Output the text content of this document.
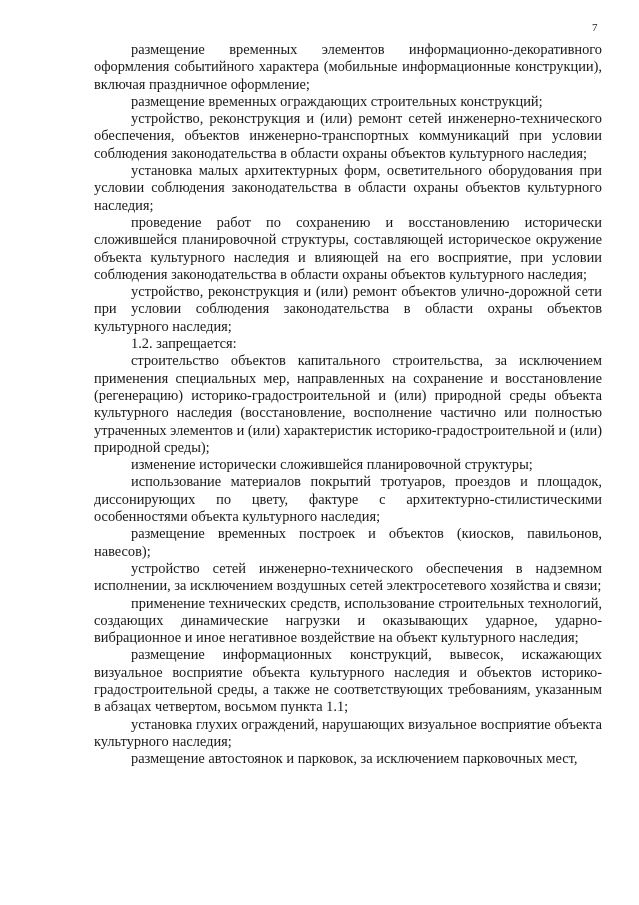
7

размещение временных элементов информационно-декоративного оформления событийного характера (мобильные информационные конструкции), включая праздничное оформление;

размещение временных ограждающих строительных конструкций;

устройство, реконструкция и (или) ремонт сетей инженерно-технического обеспечения, объектов инженерно-транспортных коммуникаций при условии соблюдения законодательства в области охраны объектов культурного наследия;

установка малых архитектурных форм, осветительного оборудования при условии соблюдения законодательства в области охраны объектов культурного наследия;

проведение работ по сохранению и восстановлению исторически сложившейся планировочной структуры, составляющей историческое окружение объекта культурного наследия и влияющей на его восприятие, при условии соблюдения законодательства в области охраны объектов культурного наследия;

устройство, реконструкция и (или) ремонт объектов улично-дорожной сети при условии соблюдения законодательства в области охраны объектов культурного наследия;

1.2. запрещается:

строительство объектов капитального строительства, за исключением применения специальных мер, направленных на сохранение и восстановление (регенерацию) историко-градостроительной и (или) природной среды объекта культурного наследия (восстановление, восполнение частично или полностью утраченных элементов и (или) характеристик историко-градостроительной и (или) природной среды);

изменение исторически сложившейся планировочной структуры;

использование материалов покрытий тротуаров, проездов и площадок, диссонирующих по цвету, фактуре с архитектурно-стилистическими особенностями объекта культурного наследия;

размещение временных построек и объектов (киосков, павильонов, навесов);

устройство сетей инженерно-технического обеспечения в надземном исполнении, за исключением воздушных сетей электросетевого хозяйства и связи;

применение технических средств, использование строительных технологий, создающих динамические нагрузки и оказывающих ударное, ударно-вибрационное и иное негативное воздействие на объект культурного наследия;

размещение информационных конструкций, вывесок, искажающих визуальное восприятие объекта культурного наследия и объектов историко-градостроительной среды, а также не соответствующих требованиям, указанным в абзацах четвертом, восьмом пункта 1.1;

установка глухих ограждений, нарушающих визуальное восприятие объекта культурного наследия;

размещение автостоянок и парковок, за исключением парковочных мест,
